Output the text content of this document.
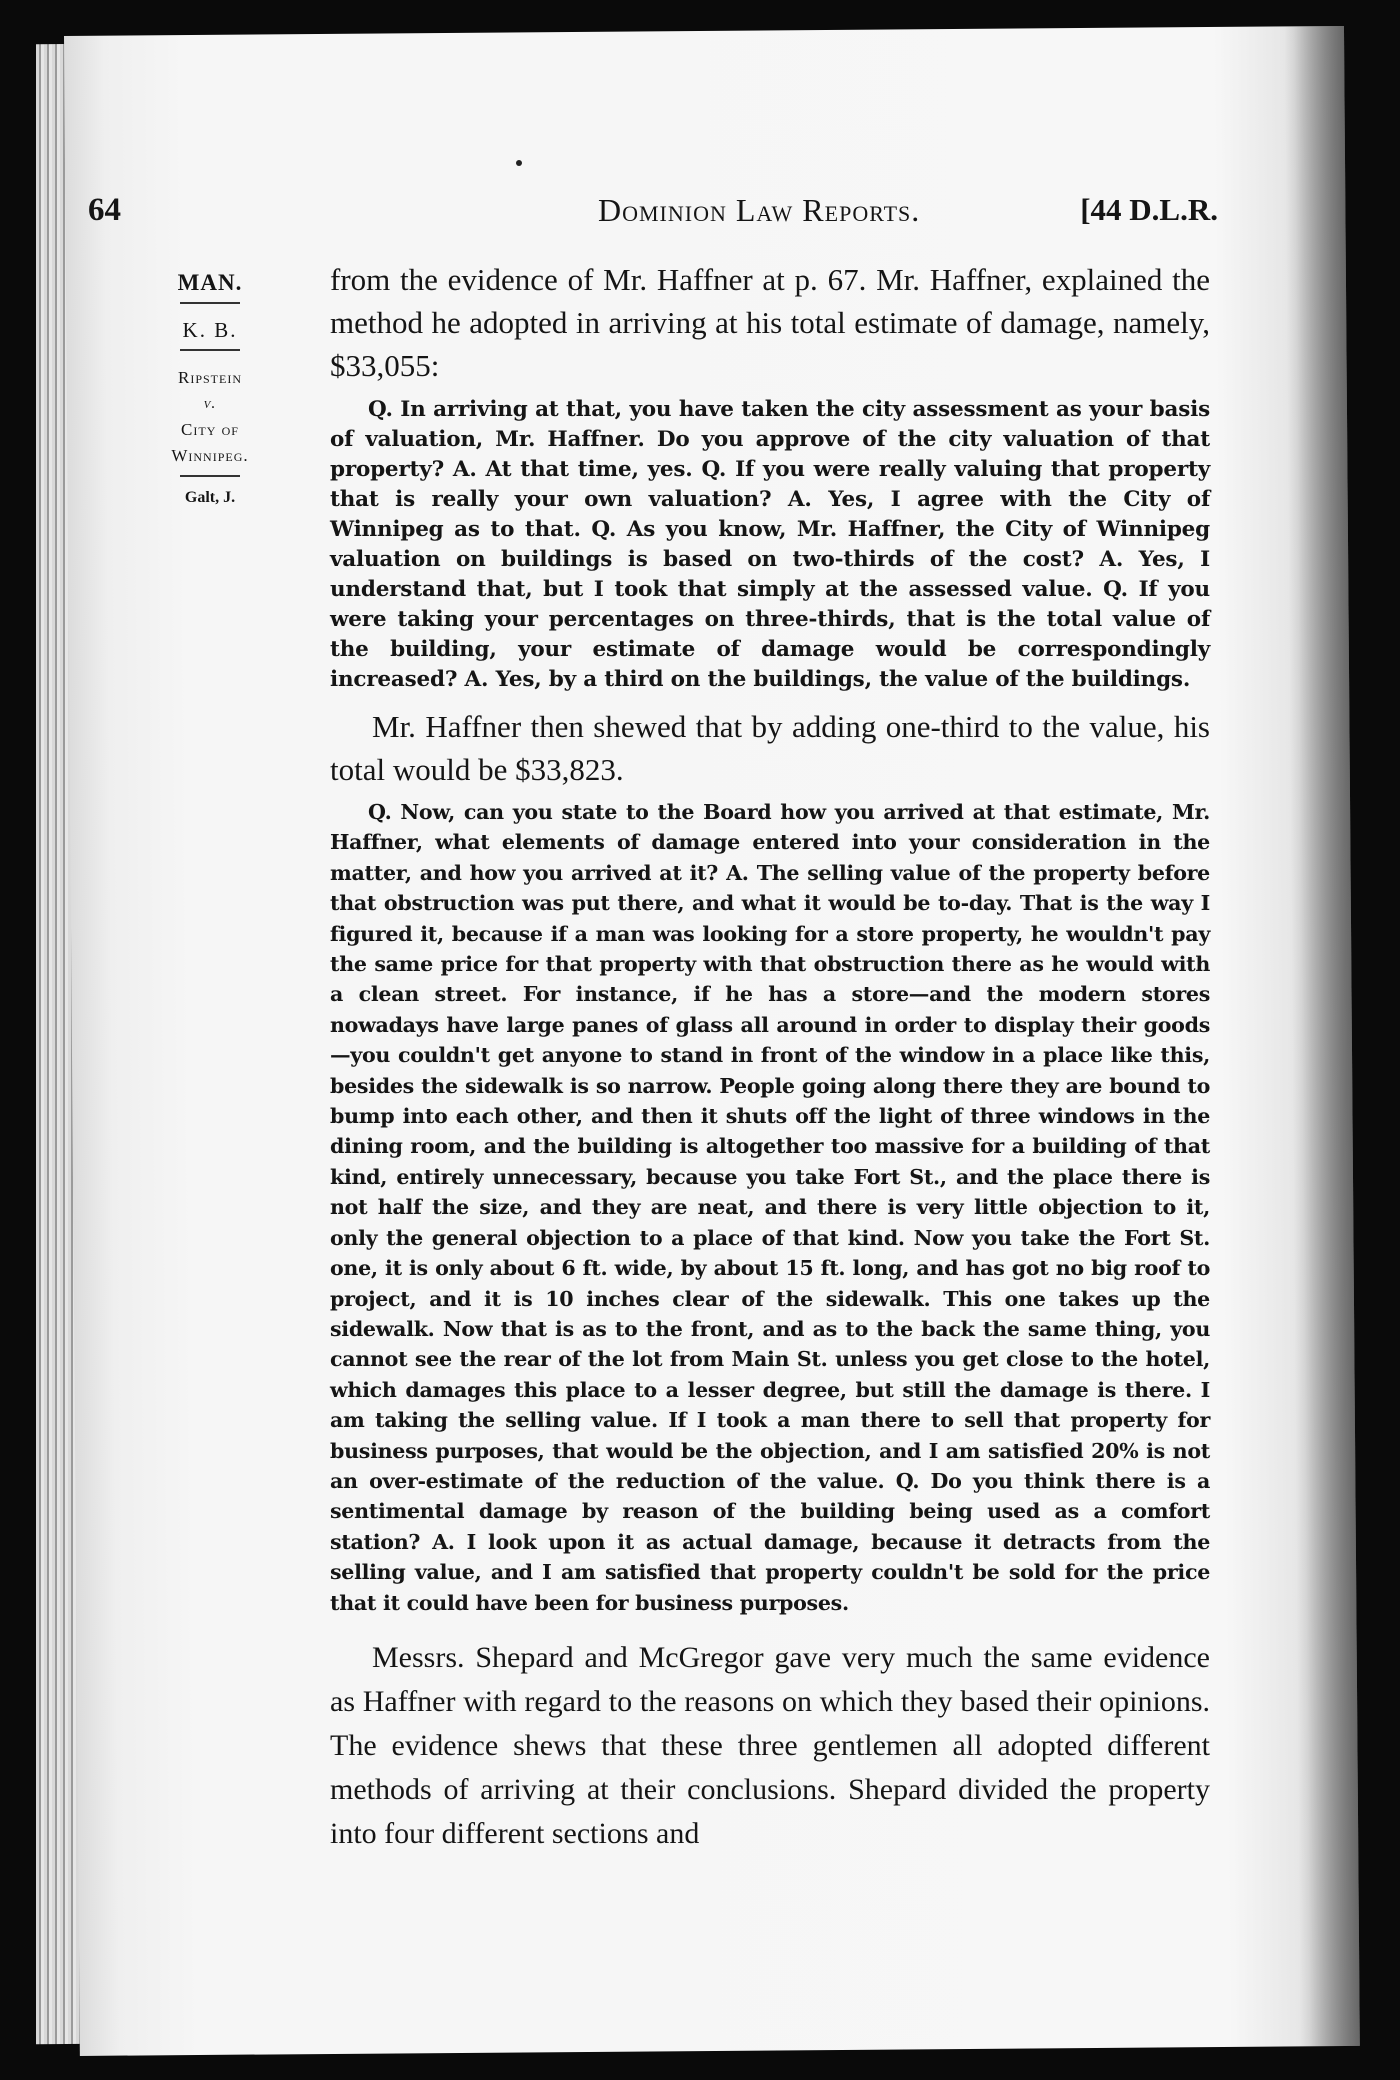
64	Dominion Law Reports.	[44 D.L.R.
MAN.
K. B.
Ripstein
v.
City of
Winnipeg.
Galt, J.

from the evidence of Mr. Haffner at p. 67. Mr. Haffner, explained the method he adopted in arriving at his total estimate of damage, namely, $33,055:

Q. In arriving at that, you have taken the city assessment as your basis of valuation, Mr. Haffner. Do you approve of the city valuation of that property? A. At that time, yes. Q. If you were really valuing that property that is really your own valuation? A. Yes, I agree with the City of Winnipeg as to that. Q. As you know, Mr. Haffner, the City of Winnipeg valuation on buildings is based on two-thirds of the cost? A. Yes, I understand that, but I took that simply at the assessed value. Q. If you were taking your percentages on three-thirds, that is the total value of the building, your estimate of damage would be correspondingly increased? A. Yes, by a third on the buildings, the value of the buildings.

Mr. Haffner then shewed that by adding one-third to the value, his total would be $33,823.

Q. Now, can you state to the Board how you arrived at that estimate, Mr. Haffner, what elements of damage entered into your consideration in the matter, and how you arrived at it? A. The selling value of the property before that obstruction was put there, and what it would be to-day. That is the way I figured it, because if a man was looking for a store property, he wouldn't pay the same price for that property with that obstruction there as he would with a clean street. For instance, if he has a store—and the modern stores nowadays have large panes of glass all around in order to display their goods—you couldn't get anyone to stand in front of the window in a place like this, besides the sidewalk is so narrow. People going along there they are bound to bump into each other, and then it shuts off the light of three windows in the dining room, and the building is altogether too massive for a building of that kind, entirely unnecessary, because you take Fort St., and the place there is not half the size, and they are neat, and there is very little objection to it, only the general objection to a place of that kind. Now you take the Fort St. one, it is only about 6 ft. wide, by about 15 ft. long, and has got no big roof to project, and it is 10 inches clear of the sidewalk. This one takes up the sidewalk. Now that is as to the front, and as to the back the same thing, you cannot see the rear of the lot from Main St. unless you get close to the hotel, which damages this place to a lesser degree, but still the damage is there. I am taking the selling value. If I took a man there to sell that property for business purposes, that would be the objection, and I am satisfied 20% is not an over-estimate of the reduction of the value. Q. Do you think there is a sentimental damage by reason of the building being used as a comfort station? A. I look upon it as actual damage, because it detracts from the selling value, and I am satisfied that property couldn't be sold for the price that it could have been for business purposes.

Messrs. Shepard and McGregor gave very much the same evidence as Haffner with regard to the reasons on which they based their opinions. The evidence shews that these three gentlemen all adopted different methods of arriving at their conclusions. Shepard divided the property into four different sections and
